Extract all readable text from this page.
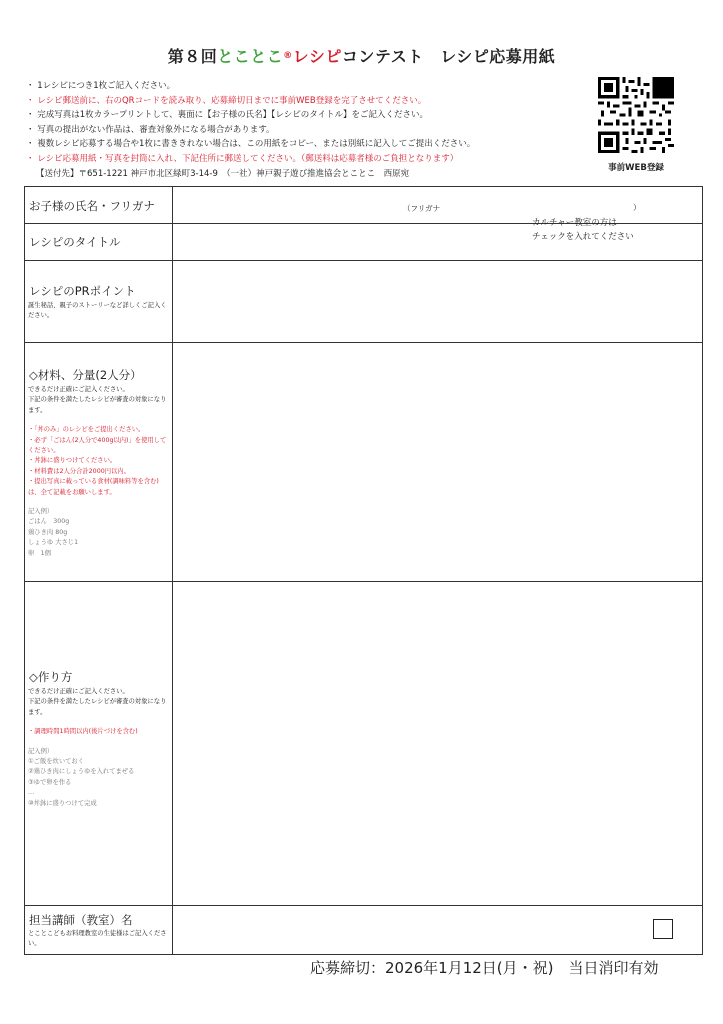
第８回とことこ®レシピコンテスト　レシピ応募用紙
・ 1レシピにつき1枚ご記入ください。
・ レシピ郵送前に、右のQRコードを読み取り、応募締切日までに事前WEB登録を完了させてください。
・ 完成写真は1枚カラープリントして、裏面に【お子様の氏名】【レシピのタイトル】をご記入ください。
・ 写真の提出がない作品は、審査対象外になる場合があります。
・ 複数レシピ応募する場合や1枚に書ききれない場合は、この用紙をコピー、または別紙に記入してご提出ください。
・ レシピ応募用紙・写真を封筒に入れ、下記住所に郵送してください。（郵送料は応募者様のご負担となります）
【送付先】〒651-1221 神戸市北区緑町3-14-9　（一社）神戸親子遊び推進協会とことこ　西原宛
事前WEB登録
お子様の氏名・フリガナ	（フリガナ	）
レシピのタイトル
レシピのPRポイント
誕生秘話、親子のストーリーなど詳しくご記入ください。
◇材料、分量(2人分）
できるだけ正確にご記入ください。
下記の条件を満たしたレシピが審査の対象になります。
・「丼のみ」のレシピをご提出ください。
・必ず「ごはん(2人分で400g以内)」を使用してください。
・丼鉢に盛りつけてください。
・材料費は2人分合計2000円以内。
・提出写真に載っている食材(調味料等を含む)は、全て記載をお願いします。
記入例）
ごはん　300g
鶏ひき肉 80g
しょうゆ 大さじ1
卵　1個
◇作り方
できるだけ正確にご記入ください。
下記の条件を満たしたレシピが審査の対象になります。
・調理時間1時間以内(後片づけを含む)
記入例）
①ご飯を炊いておく
②鶏ひき肉にしょうゆを入れてまぜる
③ゆで卵を作る
…
⑩丼鉢に盛りつけて完成
担当講師（教室）名
とことこどもお料理教室の生徒様はご記入ください。
カルチャー教室の方は
チェックを入れてください
応募締切：2026年1月12日(月・祝)　当日消印有効
